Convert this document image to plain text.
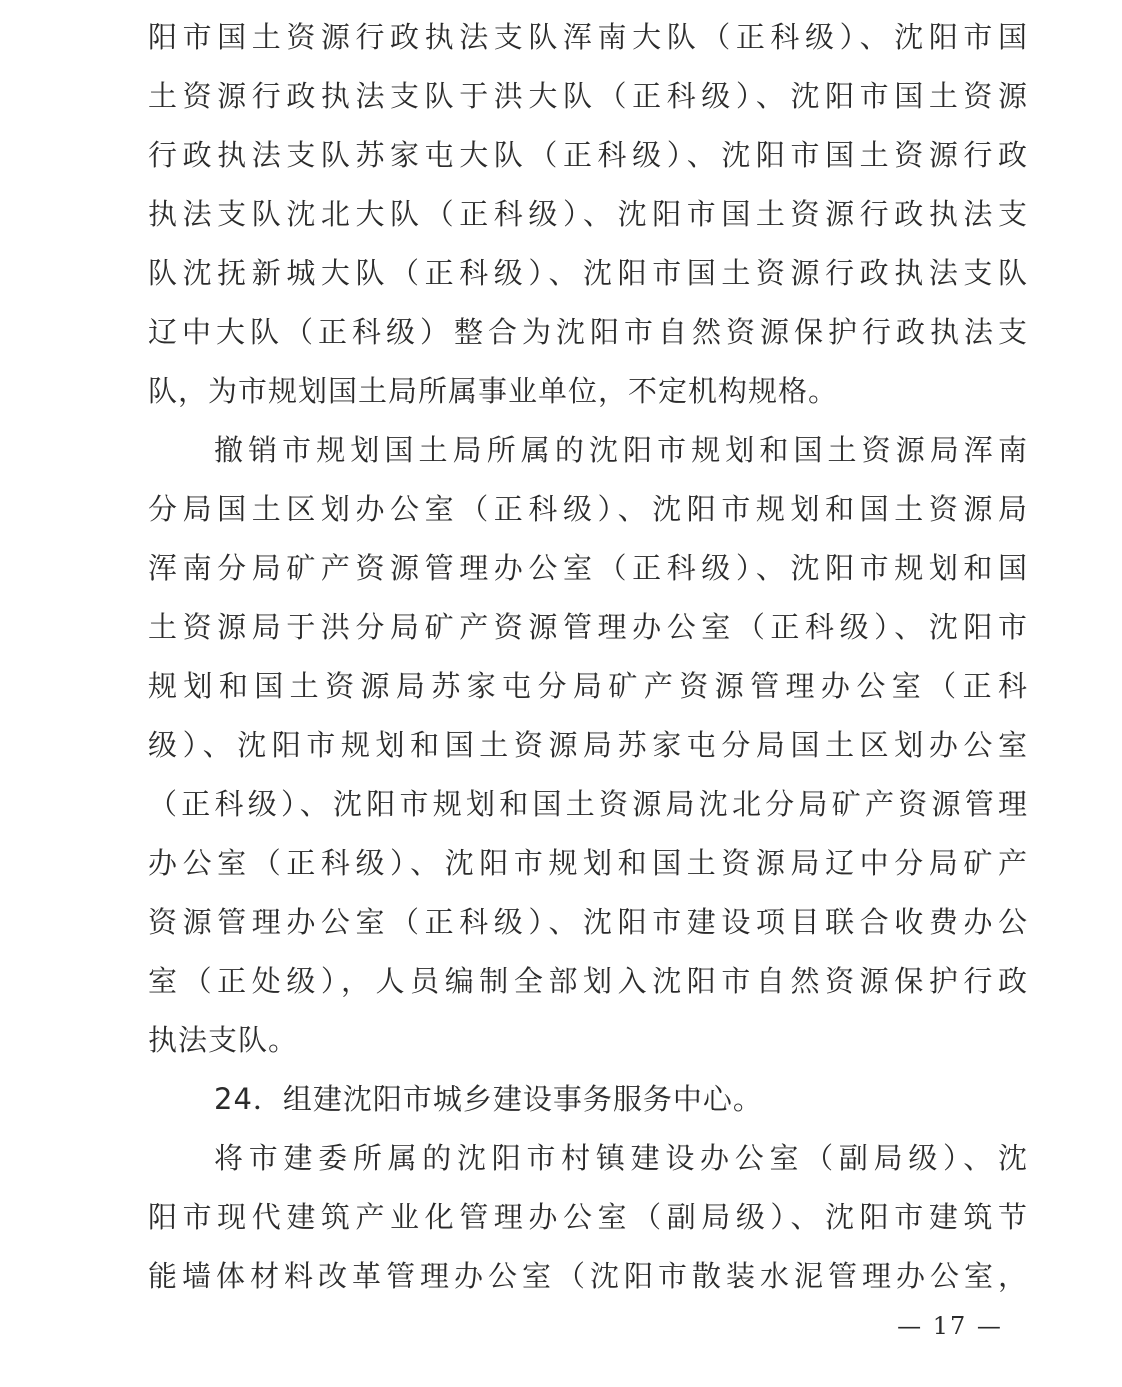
阳市国土资源行政执法支队浑南大队（正科级）、沈阳市国
土资源行政执法支队于洪大队（正科级）、沈阳市国土资源
行政执法支队苏家屯大队（正科级）、沈阳市国土资源行政
执法支队沈北大队（正科级）、沈阳市国土资源行政执法支
队沈抚新城大队（正科级）、沈阳市国土资源行政执法支队
辽中大队（正科级）整合为沈阳市自然资源保护行政执法支
队，为市规划国土局所属事业单位，不定机构规格。
撤销市规划国土局所属的沈阳市规划和国土资源局浑南
分局国土区划办公室（正科级）、沈阳市规划和国土资源局
浑南分局矿产资源管理办公室（正科级）、沈阳市规划和国
土资源局于洪分局矿产资源管理办公室（正科级）、沈阳市
规划和国土资源局苏家屯分局矿产资源管理办公室（正科
级）、沈阳市规划和国土资源局苏家屯分局国土区划办公室
（正科级）、沈阳市规划和国土资源局沈北分局矿产资源管理
办公室（正科级）、沈阳市规划和国土资源局辽中分局矿产
资源管理办公室（正科级）、沈阳市建设项目联合收费办公
室（正处级），人员编制全部划入沈阳市自然资源保护行政
执法支队。
24．组建沈阳市城乡建设事务服务中心。
将市建委所属的沈阳市村镇建设办公室（副局级）、沈
阳市现代建筑产业化管理办公室（副局级）、沈阳市建筑节
能墙体材料改革管理办公室（沈阳市散装水泥管理办公室，
— 17 —
